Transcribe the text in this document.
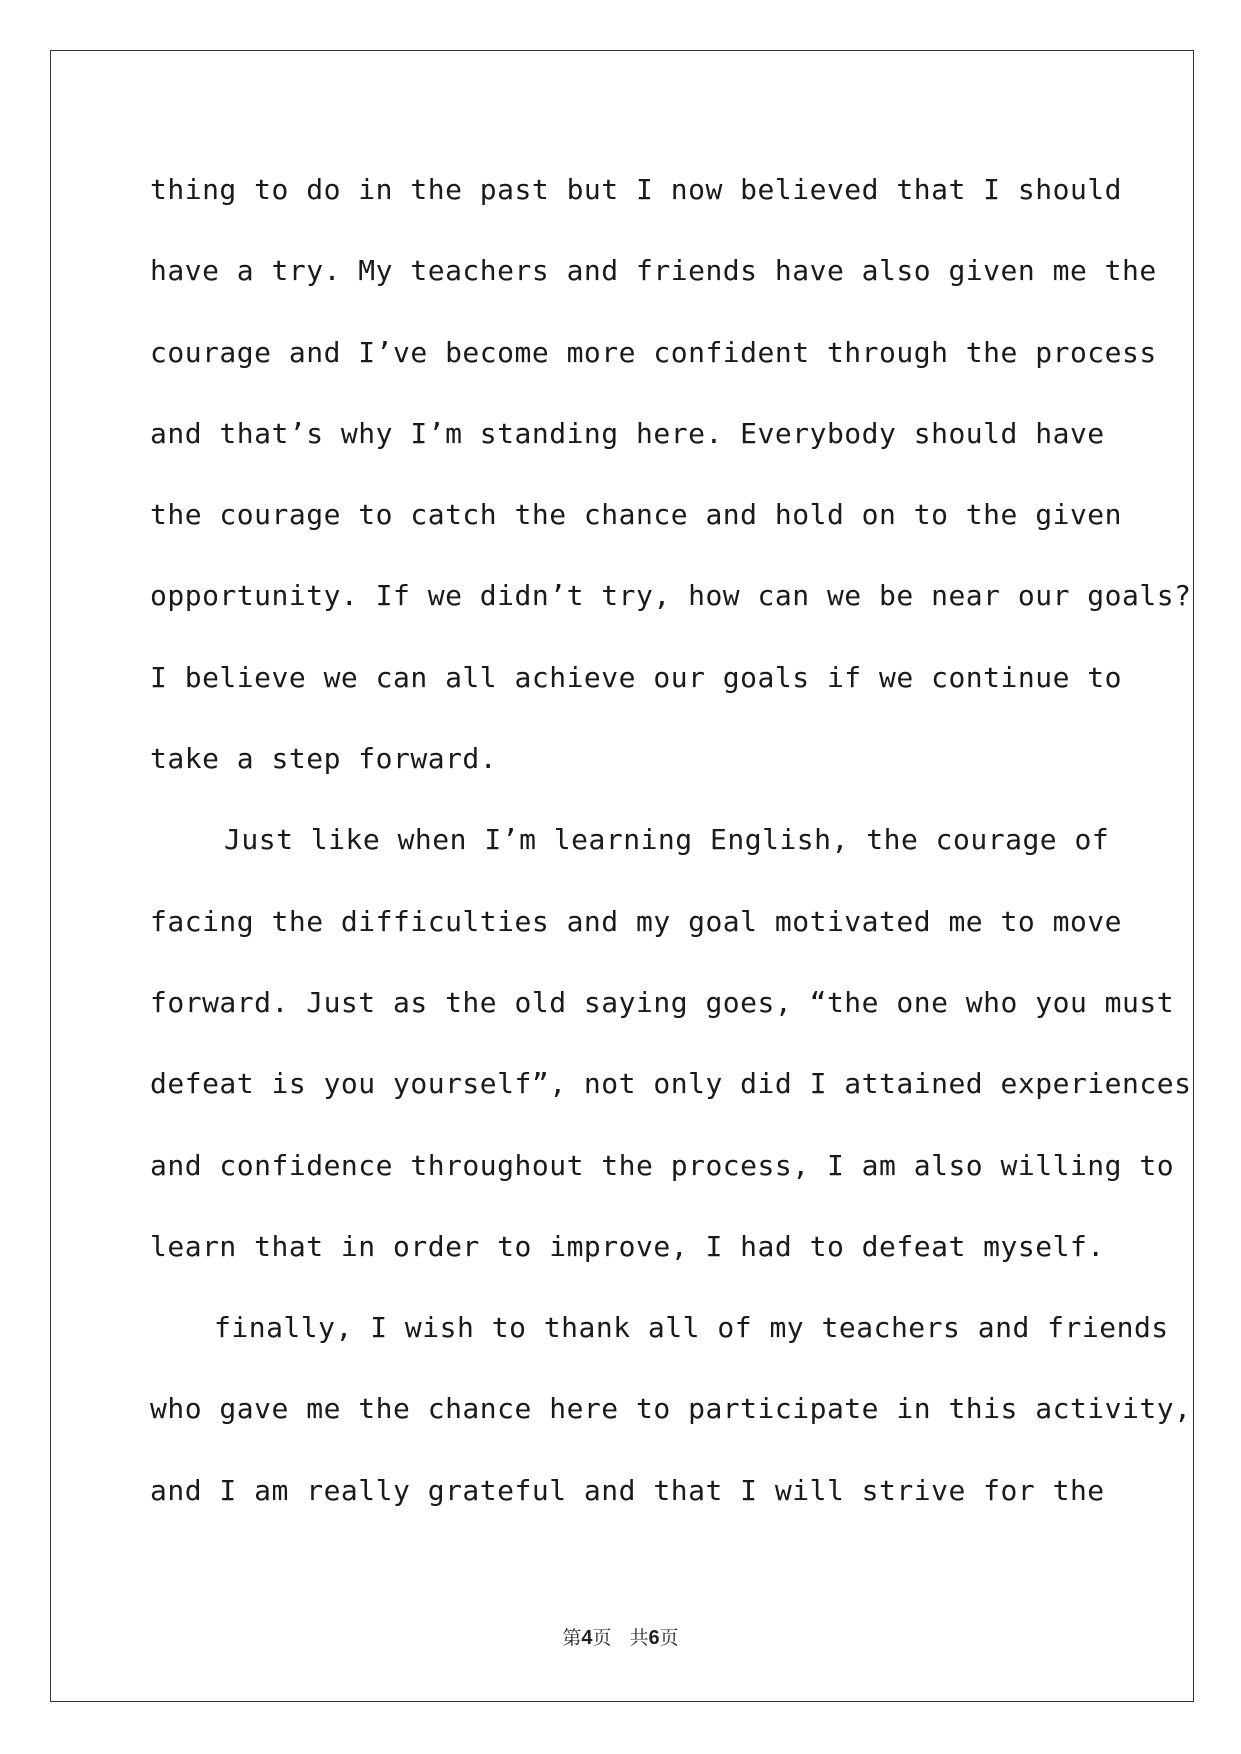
thing to do in the past but I now believed that I should
have a try. My teachers and friends have also given me the
courage and I’ve become more confident through the process
and that’s why I’m standing here. Everybody should have
the courage to catch the chance and hold on to the given
opportunity. If we didn’t try, how can we be near our goals?
I believe we can all achieve our goals if we continue to
take a step forward.
Just like when I’m learning English, the courage of
facing the difficulties and my goal motivated me to move
forward. Just as the old saying goes, “the one who you must
defeat is you yourself”, not only did I attained experiences
and confidence throughout the process, I am also willing to
learn that in order to improve, I had to defeat myself.
finally, I wish to thank all of my teachers and friends
who gave me the chance here to participate in this activity,
and I am really grateful and that I will strive for the
第4页 共6页
